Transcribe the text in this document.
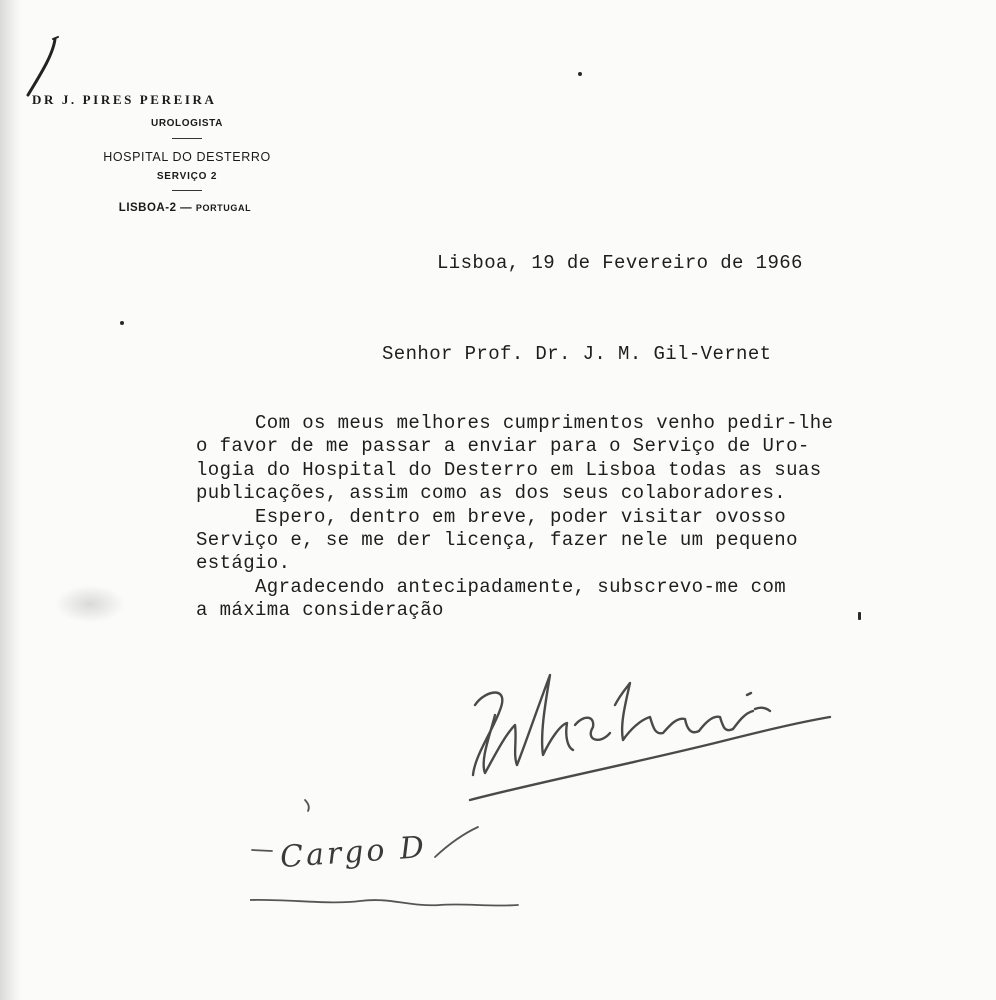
DR J. PIRES PEREIRA
UROLOGISTA
HOSPITAL DO DESTERRO
SERVIÇO 2
LISBOA-2 — PORTUGAL
Lisboa, 19 de Fevereiro de 1966
Senhor Prof. Dr. J. M. Gil-Vernet
Com os meus melhores cumprimentos venho pedir-lhe
o favor de me passar a enviar para o Serviço de Uro-
logia do Hospital do Desterro em Lisboa todas as suas
publicações, assim como as dos seus colaboradores.
Espero, dentro em breve, poder visitar ovosso
Serviço e, se me der licença, fazer nele um pequeno
estágio.
Agradecendo antecipadamente, subscrevo-me com
a máxima consideração
Cargo D
